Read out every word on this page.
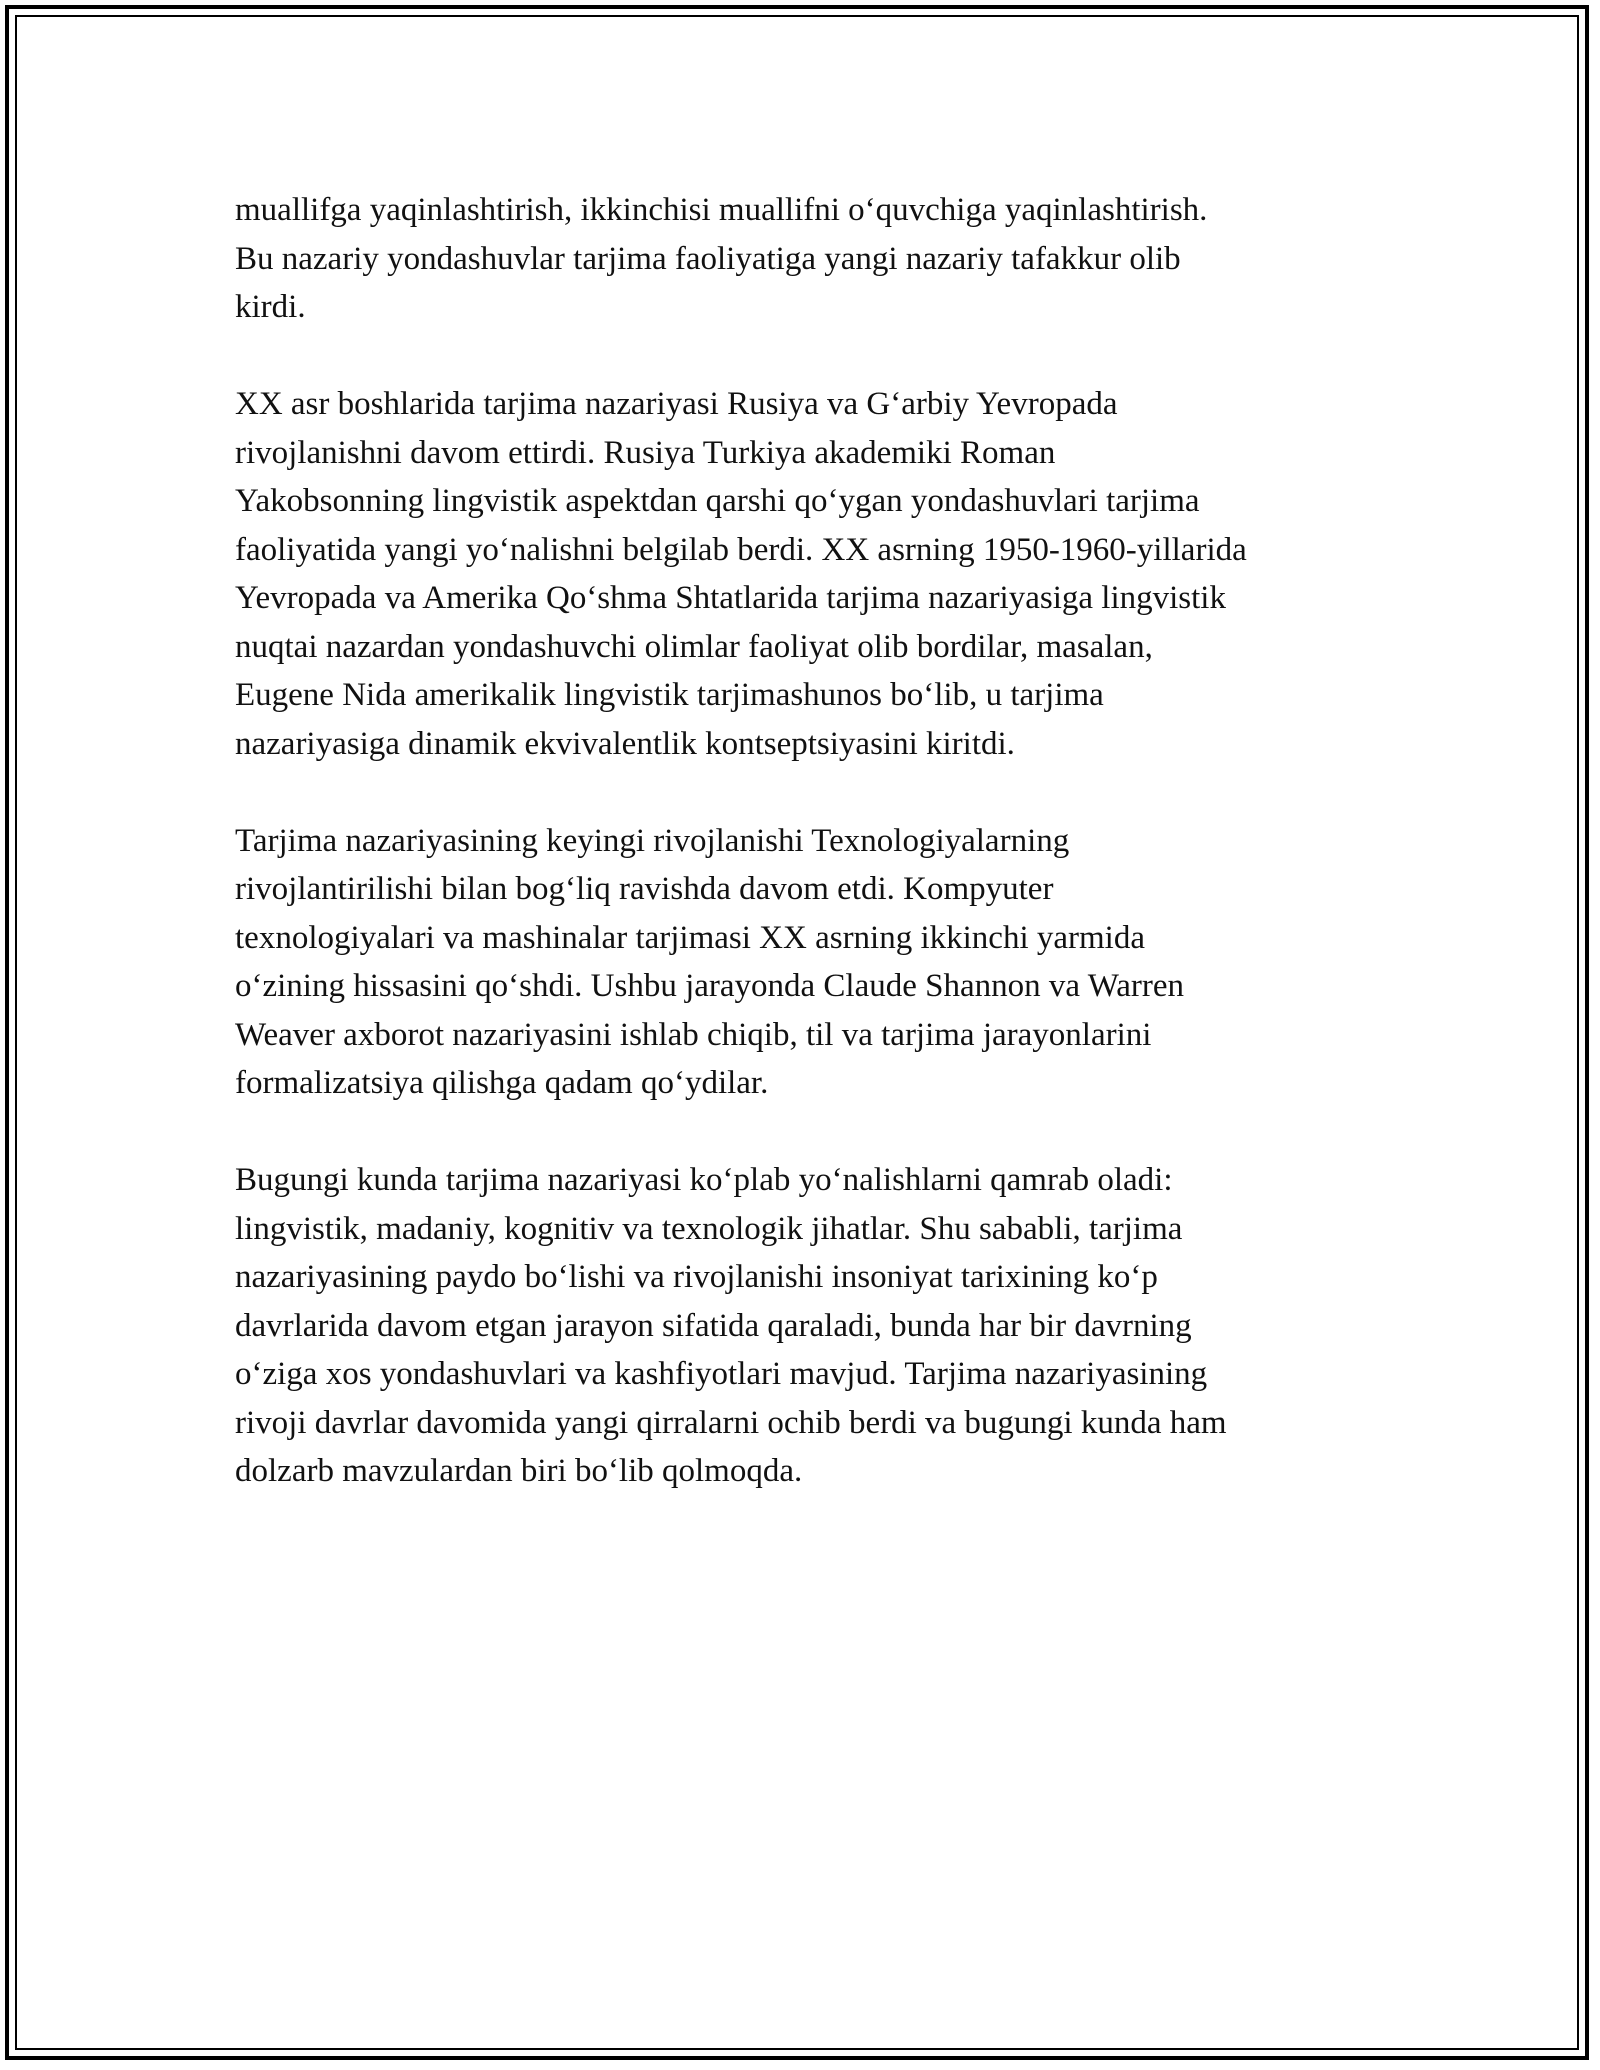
muallifga yaqinlashtirish, ikkinchisi muallifni o‘quvchiga yaqinlashtirish.
Bu nazariy yondashuvlar tarjima faoliyatiga yangi nazariy tafakkur olib
kirdi.

XX asr boshlarida tarjima nazariyasi Rusiya va G‘arbiy Yevropada
rivojlanishni davom ettirdi. Rusiya Turkiya akademiki Roman
Yakobsonning lingvistik aspektdan qarshi qo‘ygan yondashuvlari tarjima
faoliyatida yangi yo‘nalishni belgilab berdi. XX asrning 1950-1960-yillarida
Yevropada va Amerika Qo‘shma Shtatlarida tarjima nazariyasiga lingvistik
nuqtai nazardan yondashuvchi olimlar faoliyat olib bordilar, masalan,
Eugene Nida amerikalik lingvistik tarjimashunos bo‘lib, u tarjima
nazariyasiga dinamik ekvivalentlik kontseptsiyasini kiritdi.

Tarjima nazariyasining keyingi rivojlanishi Texnologiyalarning
rivojlantirilishi bilan bog‘liq ravishda davom etdi. Kompyuter
texnologiyalari va mashinalar tarjimasi XX asrning ikkinchi yarmida
o‘zining hissasini qo‘shdi. Ushbu jarayonda Claude Shannon va Warren
Weaver axborot nazariyasini ishlab chiqib, til va tarjima jarayonlarini
formalizatsiya qilishga qadam qo‘ydilar.

Bugungi kunda tarjima nazariyasi ko‘plab yo‘nalishlarni qamrab oladi:
lingvistik, madaniy, kognitiv va texnologik jihatlar. Shu sababli, tarjima
nazariyasining paydo bo‘lishi va rivojlanishi insoniyat tarixining ko‘p
davrlarida davom etgan jarayon sifatida qaraladi, bunda har bir davrning
o‘ziga xos yondashuvlari va kashfiyotlari mavjud. Tarjima nazariyasining
rivoji davrlar davomida yangi qirralarni ochib berdi va bugungi kunda ham
dolzarb mavzulardan biri bo‘lib qolmoqda.
